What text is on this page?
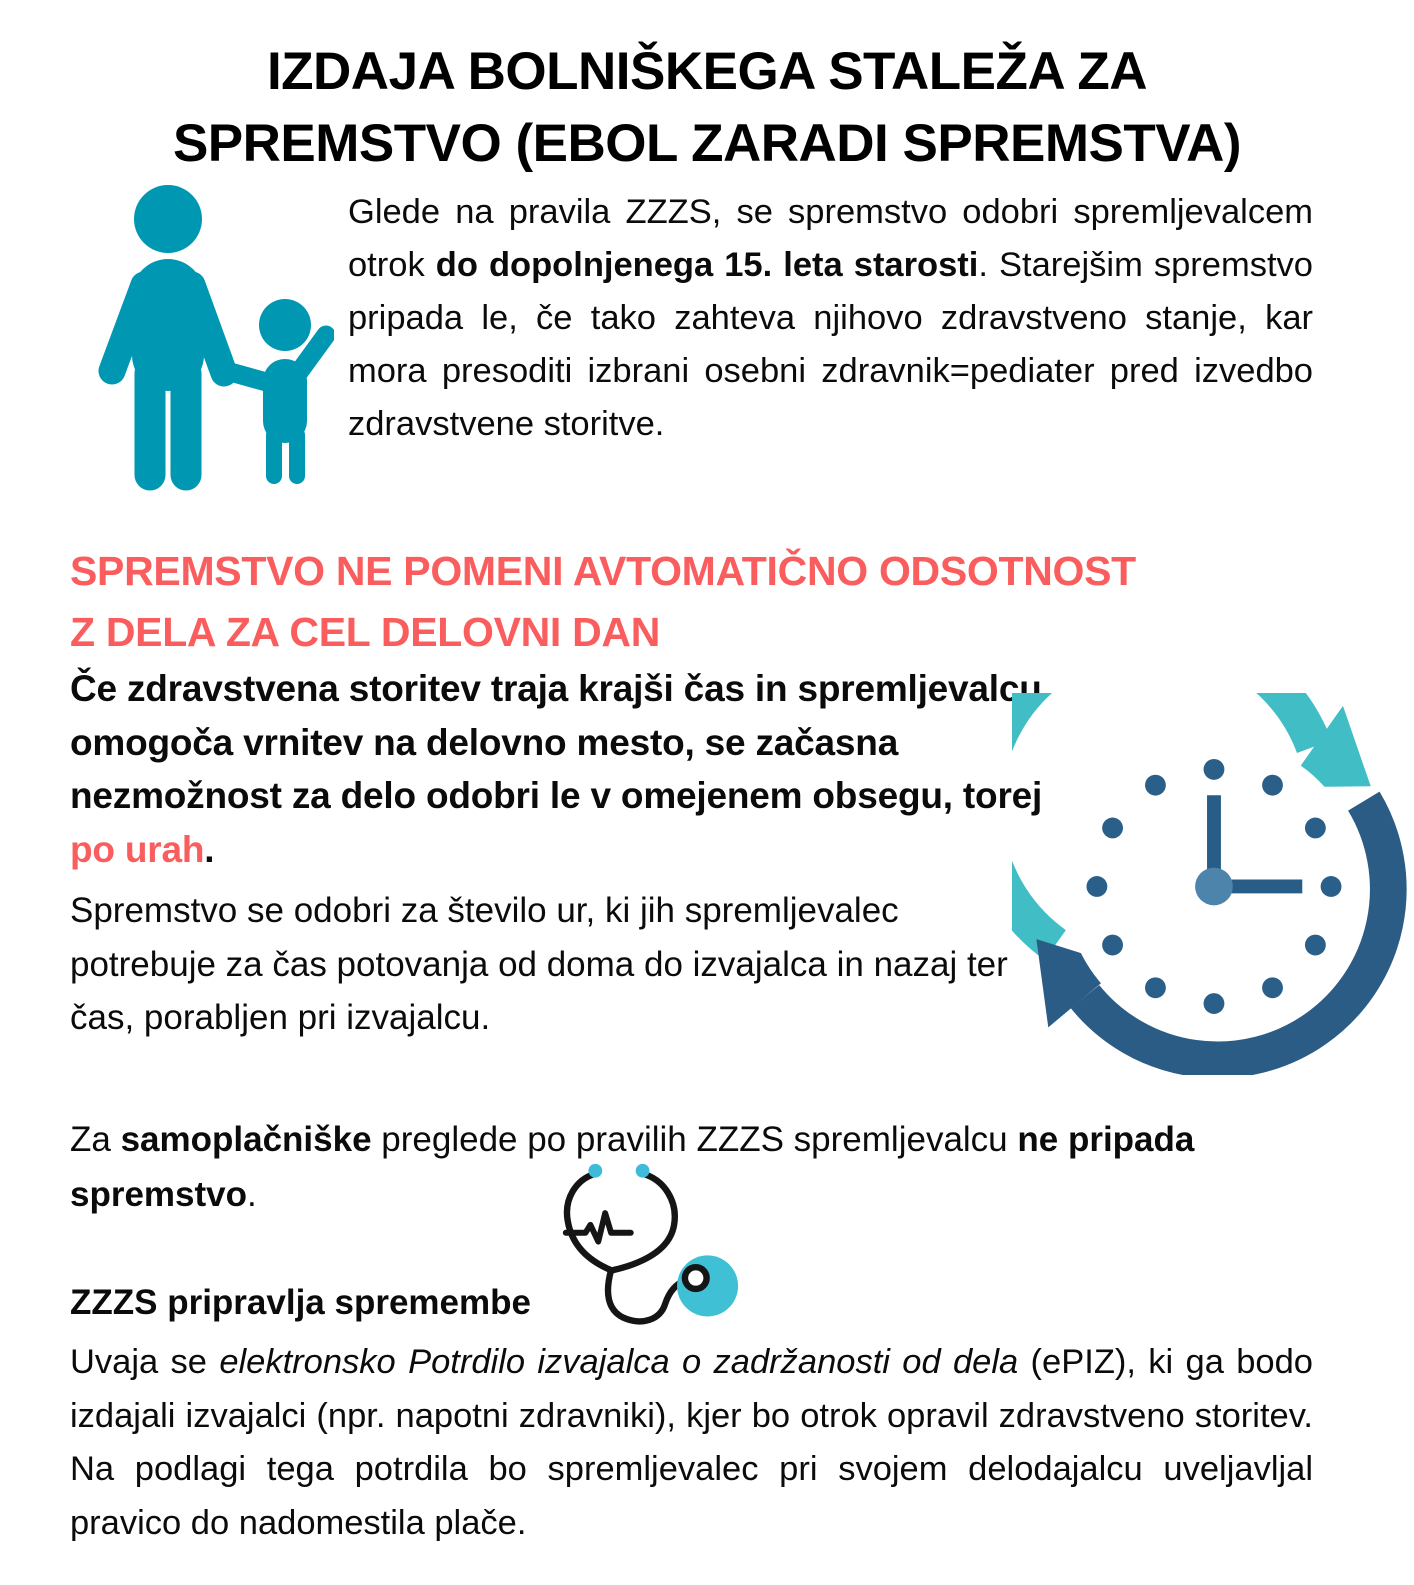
IZDAJA BOLNIŠKEGA STALEŽA ZA
SPREMSTVO (EBOL ZARADI SPREMSTVA)

Glede na pravila ZZZS, se spremstvo odobri spremljevalcem otrok do dopolnjenega 15. leta starosti. Starejšim spremstvo pripada le, če tako zahteva njihovo zdravstveno stanje, kar mora presoditi izbrani osebni zdravnik=pediater pred izvedbo zdravstvene storitve.

SPREMSTVO NE POMENI AVTOMATIČNO ODSOTNOST
Z DELA ZA CEL DELOVNI DAN

Če zdravstvena storitev traja krajši čas in spremljevalcu omogoča vrnitev na delovno mesto, se začasna nezmožnost za delo odobri le v omejenem obsegu, torej po urah.

Spremstvo se odobri za število ur, ki jih spremljevalec potrebuje za čas potovanja od doma do izvajalca in nazaj ter čas, porabljen pri izvajalcu.

Za samoplačniške preglede po pravilih ZZZS spremljevalcu ne pripada spremstvo.

ZZZS pripravlja spremembe

Uvaja se elektronsko Potrdilo izvajalca o zadržanosti od dela (ePIZ), ki ga bodo izdajali izvajalci (npr. napotni zdravniki), kjer bo otrok opravil zdravstveno storitev. Na podlagi tega potrdila bo spremljevalec pri svojem delodajalcu uveljavljal pravico do nadomestila plače.
